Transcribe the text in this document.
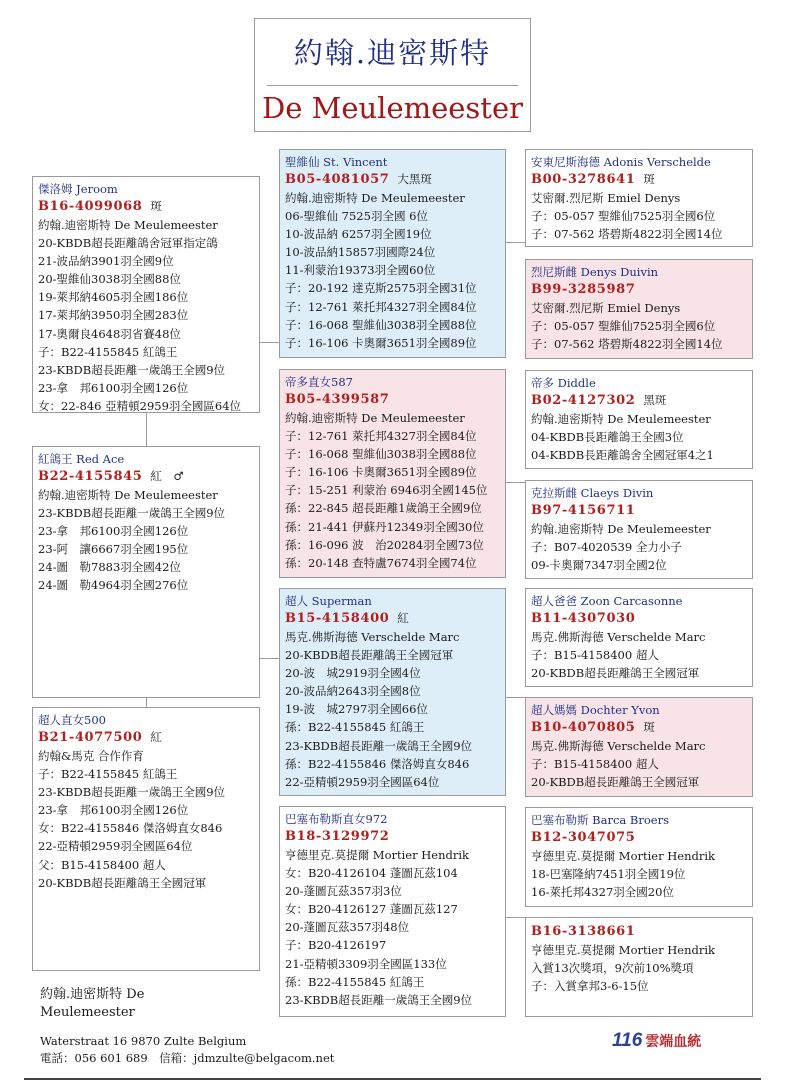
約翰.迪密斯特
De Meulemeester
傑洛姆 Jeroom
B16-4099068 斑
約翰.迪密斯特 De Meulemeester
20-KBDB超長距離鴿舍冠軍指定鴿
21-波品納3901羽全國9位
20-聖維仙3038羽全國88位
19-萊邦納4605羽全國186位
17-萊邦納3950羽全國283位
17-奧爾良4648羽省賽48位
子：B22-4155845 紅鴿王
23-KBDB超長距離一歲鴿王全國9位
23-拿　邦6100羽全國126位
女：22-846 亞精頓2959羽全國區64位
紅鴿王 Red Ace
B22-4155845 紅　♂
約翰.迪密斯特 De Meulemeester
23-KBDB超長距離一歲鴿王全國9位
23-拿　邦6100羽全國126位
23-阿　讓6667羽全國195位
24-圖　勒7883羽全國42位
24-圖　勒4964羽全國276位
超人直女500
B21-4077500 紅
約翰&馬克 合作作育
子：B22-4155845 紅鴿王
23-KBDB超長距離一歲鴿王全國9位
23-拿　邦6100羽全國126位
女：B22-4155846 傑洛姆直女846
22-亞精頓2959羽全國區64位
父：B15-4158400 超人
20-KBDB超長距離鴿王全國冠軍
聖維仙 St. Vincent
B05-4081057 大黑斑
約翰.迪密斯特 De Meulemeester
06-聖維仙 7525羽全國 6位
10-波品納 6257羽全國19位
10-波品納15857羽國際24位
11-利蒙治19373羽全國60位
子：20-192 達克斯2575羽全國31位
子：12-761 萊托邦4327羽全國84位
子：16-068 聖維仙3038羽全國88位
子：16-106 卡奧爾3651羽全國89位
帝多直女587
B05-4399587
約翰.迪密斯特 De Meulemeester
子：12-761 萊托邦4327羽全國84位
子：16-068 聖維仙3038羽全國88位
子：16-106 卡奧爾3651羽全國89位
子：15-251 利蒙治 6946羽全國145位
孫：22-845 超長距離1歲鴿王全國9位
孫：21-441 伊蘇丹12349羽全國30位
孫：16-096 波　治20284羽全國73位
孫：20-148 查特盧7674羽全國74位
超人 Superman
B15-4158400 紅
馬克.佛斯海德 Verschelde Marc
20-KBDB超長距離鴿王全國冠軍
20-波　城2919羽全國4位
20-波品納2643羽全國8位
19-波　城2797羽全國66位
孫：B22-4155845 紅鴿王
23-KBDB超長距離一歲鴿王全國9位
孫：B22-4155846 傑洛姆直女846
22-亞精頓2959羽全國區64位
巴塞布勒斯直女972
B18-3129972
亨德里克.莫提爾 Mortier Hendrik
女：B20-4126104 蓬圖瓦茲104
20-蓬圖瓦茲357羽3位
女：B20-4126127 蓬圖瓦茲127
20-蓬圖瓦茲357羽48位
子：B20-4126197
21-亞精頓3309羽全國區133位
孫：B22-4155845 紅鴿王
23-KBDB超長距離一歲鴿王全國9位
安東尼斯海德 Adonis Verschelde
B00-3278641 斑
艾密爾.烈尼斯 Emiel Denys
子：05-057 聖維仙7525羽全國6位
子：07-562 塔碧斯4822羽全國14位
烈尼斯雌 Denys Duivin
B99-3285987
艾密爾.烈尼斯 Emiel Denys
子：05-057 聖維仙7525羽全國6位
子：07-562 塔碧斯4822羽全國14位
帝多 Diddle
B02-4127302 黑斑
約翰.迪密斯特 De Meulemeester
04-KBDB長距離鴿王全國3位
04-KBDB長距離鴿舍全國冠軍4之1
克拉斯雌 Claeys Divin
B97-4156711
約翰.迪密斯特 De Meulemeester
子：B07-4020539 全力小子
09-卡奧爾7347羽全國2位
超人爸爸 Zoon Carcasonne
B11-4307030
馬克.佛斯海德 Verschelde Marc
子：B15-4158400 超人
20-KBDB超長距離鴿王全國冠軍
超人媽媽 Dochter Yvon
B10-4070805 斑
馬克.佛斯海德 Verschelde Marc
子：B15-4158400 超人
20-KBDB超長距離鴿王全國冠軍
巴塞布勒斯 Barca Broers
B12-3047075
亨德里克.莫提爾 Mortier Hendrik
18-巴塞隆納7451羽全國19位
16-萊托邦4327羽全國20位
B16-3138661
亨德里克.莫提爾 Mortier Hendrik
入賞13次獎項，9次前10%獎項
子：入賞拿邦3-6-15位
約翰.迪密斯特 De Meulemeester
Waterstraat 16 9870 Zulte Belgium
電話：056 601 689　信箱：jdmzulte@belgacom.net
116 雲端血統
